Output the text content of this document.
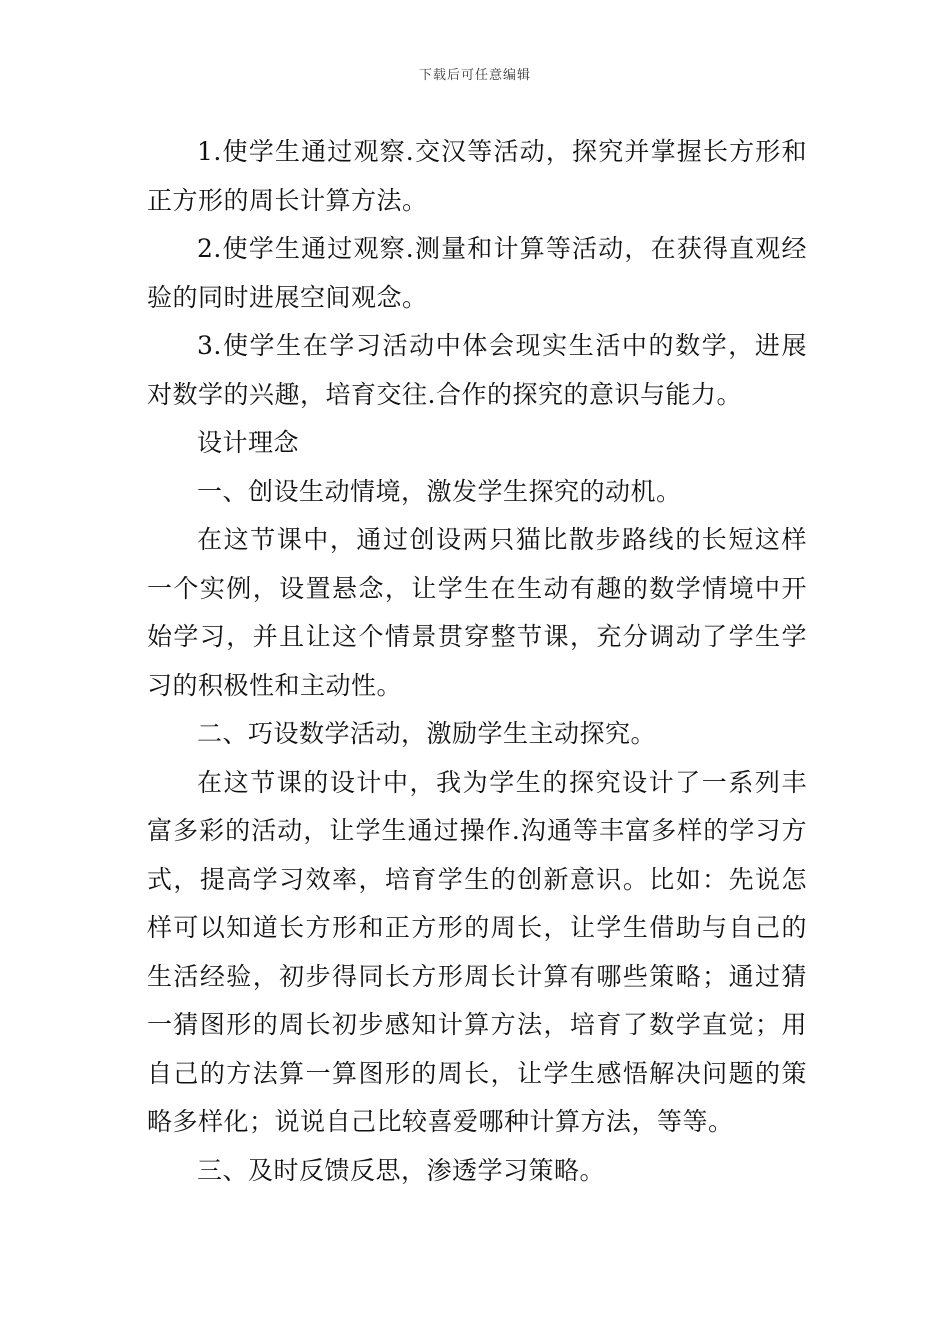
下载后可任意编辑

1.使学生通过观察.交汉等活动，探究并掌握长方形和正方形的周长计算方法。

2.使学生通过观察.测量和计算等活动，在获得直观经验的同时进展空间观念。

3.使学生在学习活动中体会现实生活中的数学，进展对数学的兴趣，培育交往.合作的探究的意识与能力。

设计理念

一、创设生动情境，激发学生探究的动机。

在这节课中，通过创设两只猫比散步路线的长短这样一个实例，设置悬念，让学生在生动有趣的数学情境中开始学习，并且让这个情景贯穿整节课，充分调动了学生学习的积极性和主动性。

二、巧设数学活动，激励学生主动探究。

在这节课的设计中，我为学生的探究设计了一系列丰富多彩的活动，让学生通过操作.沟通等丰富多样的学习方式，提高学习效率，培育学生的创新意识。比如：先说怎样可以知道长方形和正方形的周长，让学生借助与自己的生活经验，初步得同长方形周长计算有哪些策略；通过猜一猜图形的周长初步感知计算方法，培育了数学直觉；用自己的方法算一算图形的周长，让学生感悟解决问题的策略多样化；说说自己比较喜爱哪种计算方法，等等。

三、及时反馈反思，渗透学习策略。
